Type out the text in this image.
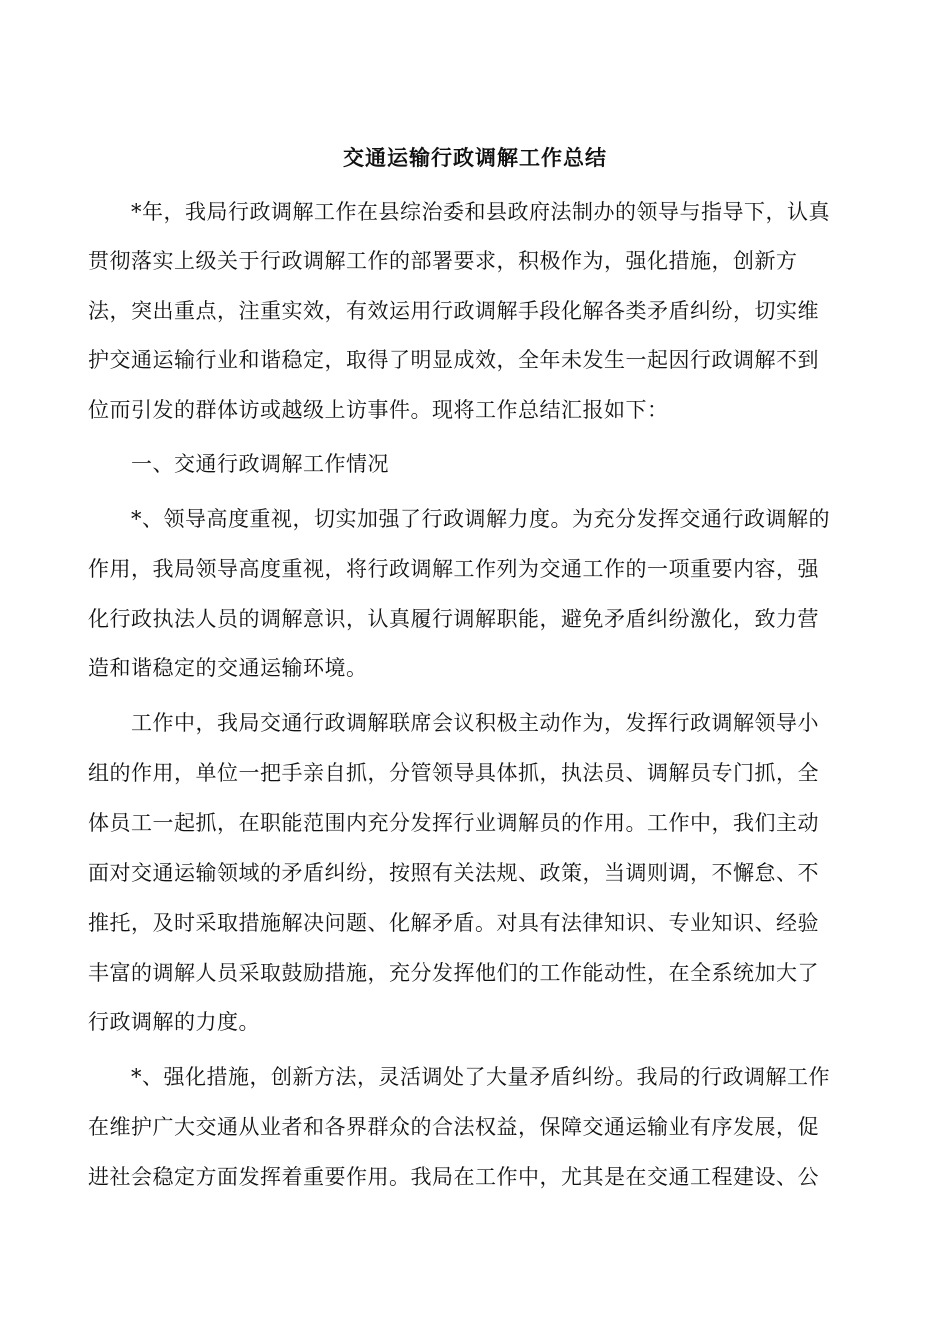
交通运输行政调解工作总结
*年，我局行政调解工作在县综治委和县政府法制办的领导与指导下，认真
贯彻落实上级关于行政调解工作的部署要求，积极作为，强化措施，创新方
法，突出重点，注重实效，有效运用行政调解手段化解各类矛盾纠纷，切实维
护交通运输行业和谐稳定，取得了明显成效，全年未发生一起因行政调解不到
位而引发的群体访或越级上访事件。现将工作总结汇报如下：
一、交通行政调解工作情况
*、领导高度重视，切实加强了行政调解力度。为充分发挥交通行政调解的
作用，我局领导高度重视，将行政调解工作列为交通工作的一项重要内容，强
化行政执法人员的调解意识，认真履行调解职能，避免矛盾纠纷激化，致力营
造和谐稳定的交通运输环境。
工作中，我局交通行政调解联席会议积极主动作为，发挥行政调解领导小
组的作用，单位一把手亲自抓，分管领导具体抓，执法员、调解员专门抓，全
体员工一起抓，在职能范围内充分发挥行业调解员的作用。工作中，我们主动
面对交通运输领域的矛盾纠纷，按照有关法规、政策，当调则调，不懈怠、不
推托，及时采取措施解决问题、化解矛盾。对具有法律知识、专业知识、经验
丰富的调解人员采取鼓励措施，充分发挥他们的工作能动性，在全系统加大了
行政调解的力度。
*、强化措施，创新方法，灵活调处了大量矛盾纠纷。我局的行政调解工作
在维护广大交通从业者和各界群众的合法权益，保障交通运输业有序发展，促
进社会稳定方面发挥着重要作用。我局在工作中，尤其是在交通工程建设、公
